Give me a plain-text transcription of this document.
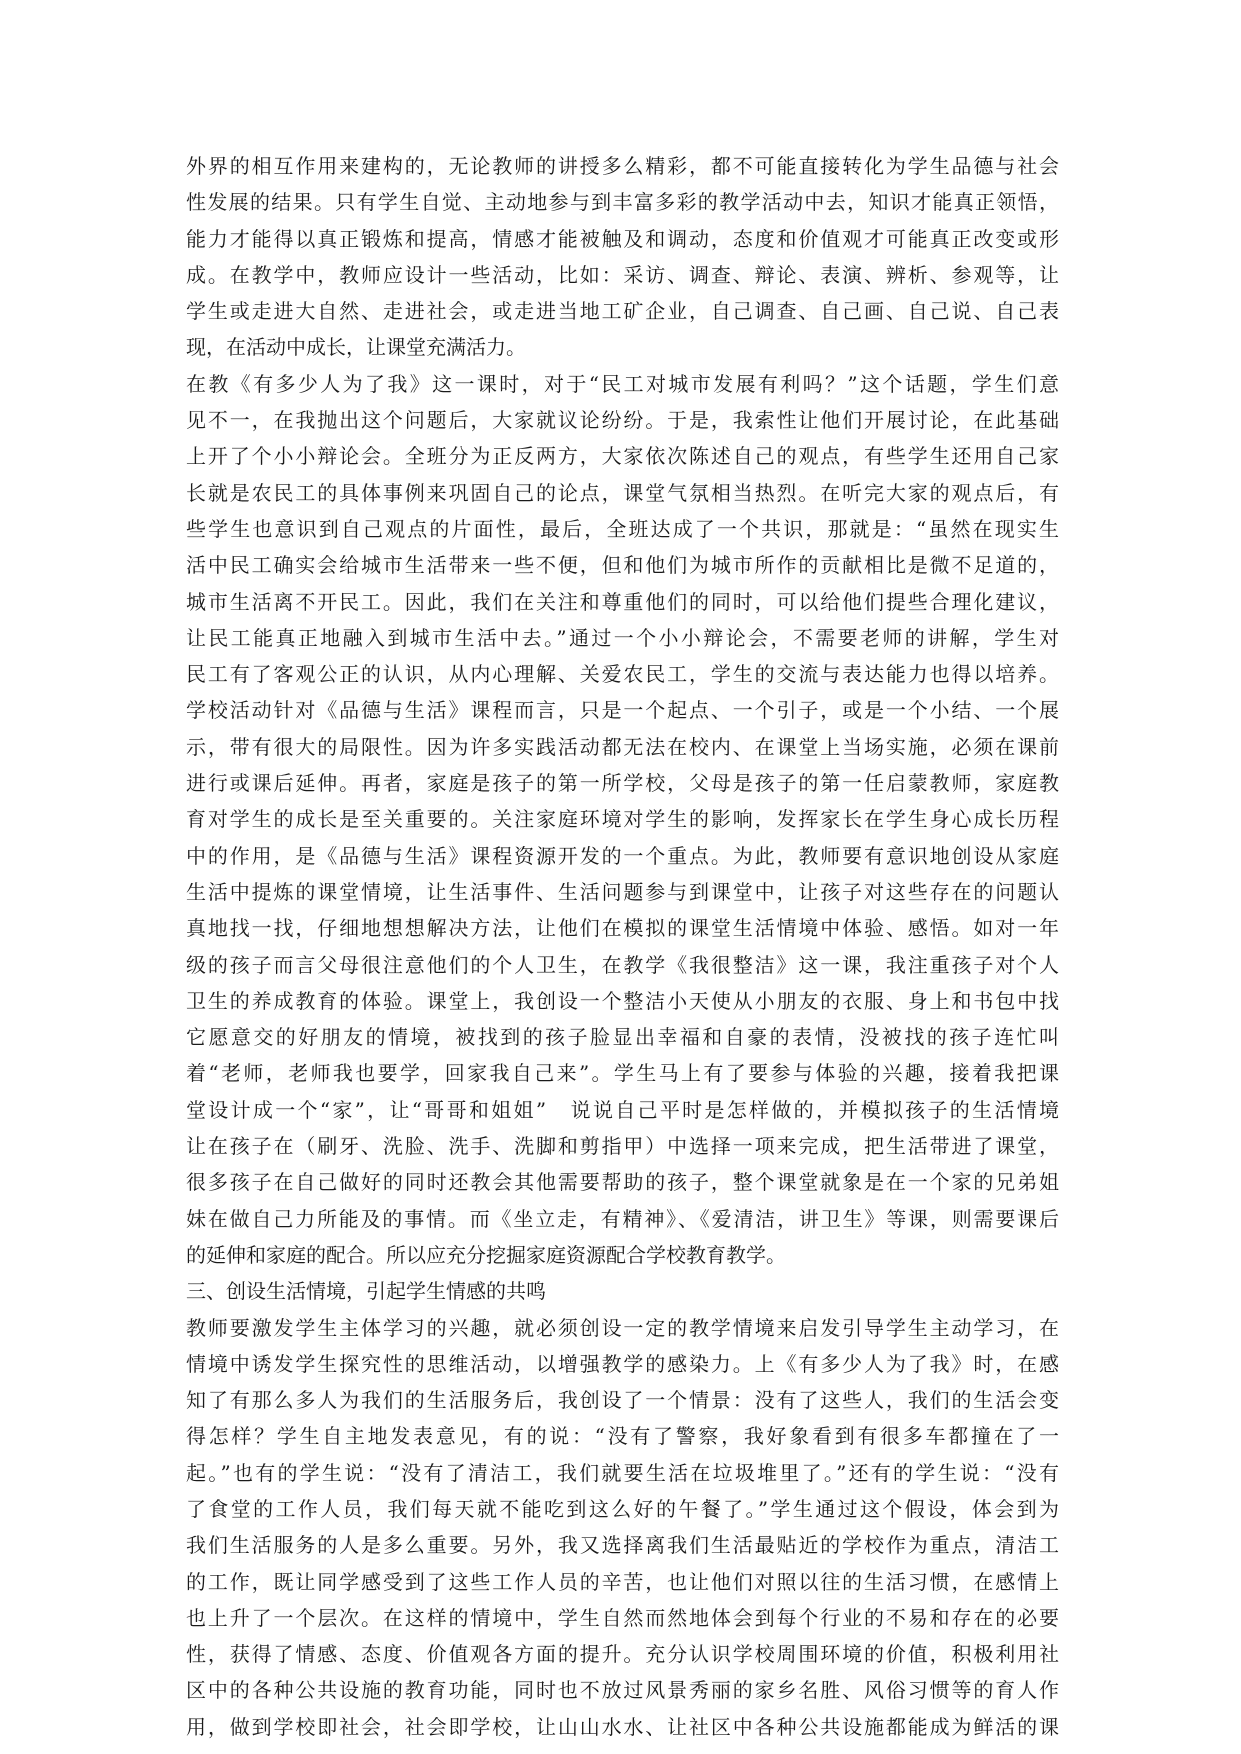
外界的相互作用来建构的，无论教师的讲授多么精彩，都不可能直接转化为学生品德与社会
性发展的结果。只有学生自觉、主动地参与到丰富多彩的教学活动中去，知识才能真正领悟，
能力才能得以真正锻炼和提高，情感才能被触及和调动，态度和价值观才可能真正改变或形
成。在教学中，教师应设计一些活动，比如：采访、调查、辩论、表演、辨析、参观等，让
学生或走进大自然、走进社会，或走进当地工矿企业，自己调查、自己画、自己说、自己表
现，在活动中成长，让课堂充满活力。
在教《有多少人为了我》这一课时，对于“民工对城市发展有利吗？”这个话题，学生们意
见不一，在我抛出这个问题后，大家就议论纷纷。于是，我索性让他们开展讨论，在此基础
上开了个小小辩论会。全班分为正反两方，大家依次陈述自己的观点，有些学生还用自己家
长就是农民工的具体事例来巩固自己的论点，课堂气氛相当热烈。在听完大家的观点后，有
些学生也意识到自己观点的片面性，最后，全班达成了一个共识，那就是：“虽然在现实生
活中民工确实会给城市生活带来一些不便，但和他们为城市所作的贡献相比是微不足道的，
城市生活离不开民工。因此，我们在关注和尊重他们的同时，可以给他们提些合理化建议，
让民工能真正地融入到城市生活中去。”通过一个小小辩论会，不需要老师的讲解，学生对
民工有了客观公正的认识，从内心理解、关爱农民工，学生的交流与表达能力也得以培养。
学校活动针对《品德与生活》课程而言，只是一个起点、一个引子，或是一个小结、一个展
示，带有很大的局限性。因为许多实践活动都无法在校内、在课堂上当场实施，必须在课前
进行或课后延伸。再者，家庭是孩子的第一所学校，父母是孩子的第一任启蒙教师，家庭教
育对学生的成长是至关重要的。关注家庭环境对学生的影响，发挥家长在学生身心成长历程
中的作用，是《品德与生活》课程资源开发的一个重点。为此，教师要有意识地创设从家庭
生活中提炼的课堂情境，让生活事件、生活问题参与到课堂中，让孩子对这些存在的问题认
真地找一找，仔细地想想解决方法，让他们在模拟的课堂生活情境中体验、感悟。如对一年
级的孩子而言父母很注意他们的个人卫生，在教学《我很整洁》这一课，我注重孩子对个人
卫生的养成教育的体验。课堂上，我创设一个整洁小天使从小朋友的衣服、身上和书包中找
它愿意交的好朋友的情境，被找到的孩子脸显出幸福和自豪的表情，没被找的孩子连忙叫
着“老师，老师我也要学，回家我自己来”。学生马上有了要参与体验的兴趣，接着我把课
堂设计成一个“家”，让“哥哥和姐姐”　说说自己平时是怎样做的，并模拟孩子的生活情境
让在孩子在（刷牙、洗脸、洗手、洗脚和剪指甲）中选择一项来完成，把生活带进了课堂，
很多孩子在自己做好的同时还教会其他需要帮助的孩子，整个课堂就象是在一个家的兄弟姐
妹在做自己力所能及的事情。而《坐立走，有精神》、《爱清洁，讲卫生》等课，则需要课后
的延伸和家庭的配合。所以应充分挖掘家庭资源配合学校教育教学。
三、创设生活情境，引起学生情感的共鸣
教师要激发学生主体学习的兴趣，就必须创设一定的教学情境来启发引导学生主动学习，在
情境中诱发学生探究性的思维活动，以增强教学的感染力。上《有多少人为了我》时，在感
知了有那么多人为我们的生活服务后，我创设了一个情景：没有了这些人，我们的生活会变
得怎样？学生自主地发表意见，有的说：“没有了警察，我好象看到有很多车都撞在了一
起。”也有的学生说：“没有了清洁工，我们就要生活在垃圾堆里了。”还有的学生说：“没有
了食堂的工作人员，我们每天就不能吃到这么好的午餐了。”学生通过这个假设，体会到为
我们生活服务的人是多么重要。另外，我又选择离我们生活最贴近的学校作为重点，清洁工
的工作，既让同学感受到了这些工作人员的辛苦，也让他们对照以往的生活习惯，在感情上
也上升了一个层次。在这样的情境中，学生自然而然地体会到每个行业的不易和存在的必要
性，获得了情感、态度、价值观各方面的提升。充分认识学校周围环境的价值，积极利用社
区中的各种公共设施的教育功能，同时也不放过风景秀丽的家乡名胜、风俗习惯等的育人作
用，做到学校即社会，社会即学校，让山山水水、让社区中各种公共设施都能成为鲜活的课
